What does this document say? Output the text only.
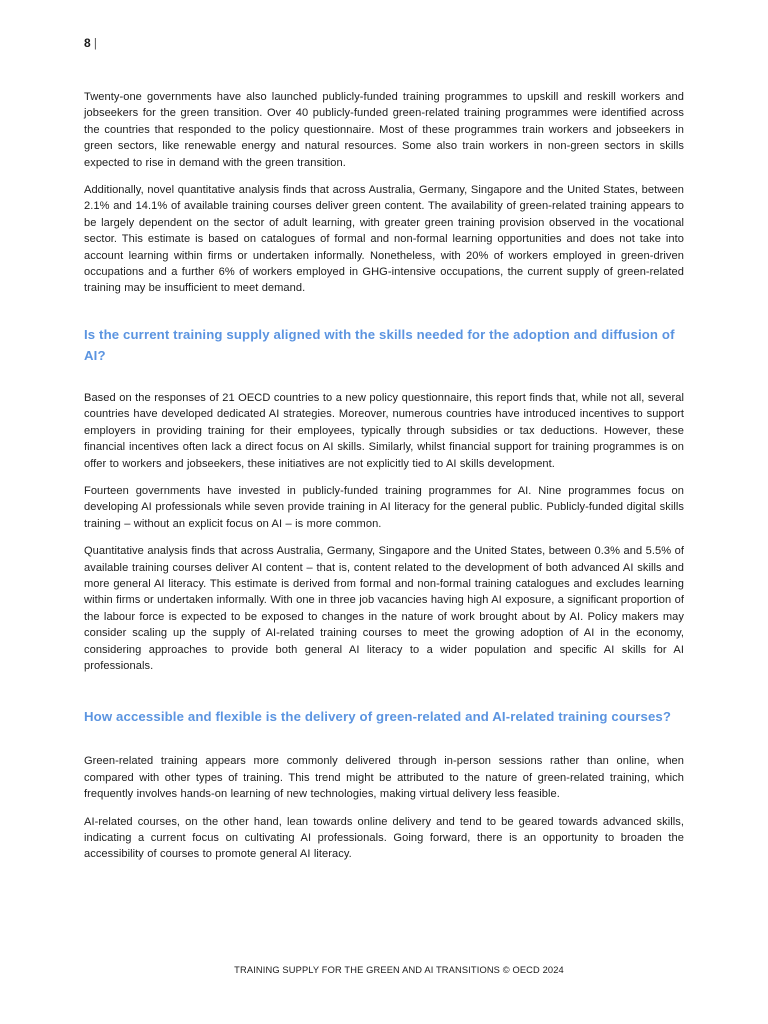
8 |

Twenty-one governments have also launched publicly-funded training programmes to upskill and reskill workers and jobseekers for the green transition. Over 40 publicly-funded green-related training programmes were identified across the countries that responded to the policy questionnaire. Most of these programmes train workers and jobseekers in green sectors, like renewable energy and natural resources. Some also train workers in non-green sectors in skills expected to rise in demand with the green transition.

Additionally, novel quantitative analysis finds that across Australia, Germany, Singapore and the United States, between 2.1% and 14.1% of available training courses deliver green content. The availability of green-related training appears to be largely dependent on the sector of adult learning, with greater green training provision observed in the vocational sector. This estimate is based on catalogues of formal and non-formal learning opportunities and does not take into account learning within firms or undertaken informally. Nonetheless, with 20% of workers employed in green-driven occupations and a further 6% of workers employed in GHG-intensive occupations, the current supply of green-related training may be insufficient to meet demand.

Is the current training supply aligned with the skills needed for the adoption and diffusion of AI?

Based on the responses of 21 OECD countries to a new policy questionnaire, this report finds that, while not all, several countries have developed dedicated AI strategies. Moreover, numerous countries have introduced incentives to support employers in providing training for their employees, typically through subsidies or tax deductions. However, these financial incentives often lack a direct focus on AI skills. Similarly, whilst financial support for training programmes is on offer to workers and jobseekers, these initiatives are not explicitly tied to AI skills development.

Fourteen governments have invested in publicly-funded training programmes for AI. Nine programmes focus on developing AI professionals while seven provide training in AI literacy for the general public. Publicly-funded digital skills training – without an explicit focus on AI – is more common.

Quantitative analysis finds that across Australia, Germany, Singapore and the United States, between 0.3% and 5.5% of available training courses deliver AI content – that is, content related to the development of both advanced AI skills and more general AI literacy. This estimate is derived from formal and non-formal training catalogues and excludes learning within firms or undertaken informally. With one in three job vacancies having high AI exposure, a significant proportion of the labour force is expected to be exposed to changes in the nature of work brought about by AI. Policy makers may consider scaling up the supply of AI-related training courses to meet the growing adoption of AI in the economy, considering approaches to provide both general AI literacy to a wider population and specific AI skills for AI professionals.

How accessible and flexible is the delivery of green-related and AI-related training courses?

Green-related training appears more commonly delivered through in-person sessions rather than online, when compared with other types of training. This trend might be attributed to the nature of green-related training, which frequently involves hands-on learning of new technologies, making virtual delivery less feasible.

AI-related courses, on the other hand, lean towards online delivery and tend to be geared towards advanced skills, indicating a current focus on cultivating AI professionals. Going forward, there is an opportunity to broaden the accessibility of courses to promote general AI literacy.

TRAINING SUPPLY FOR THE GREEN AND AI TRANSITIONS © OECD 2024
